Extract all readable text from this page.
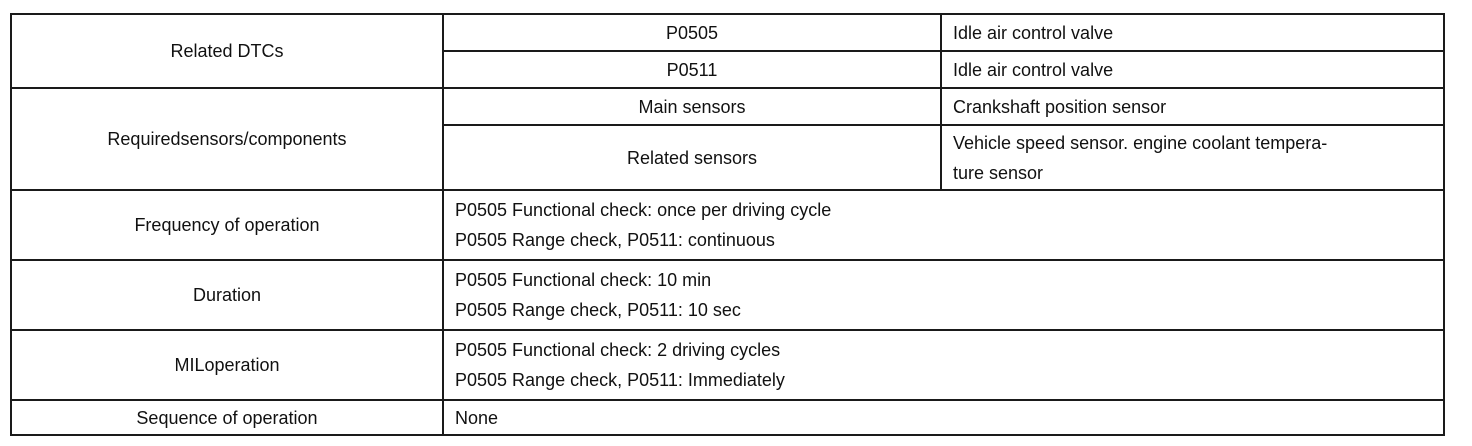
Related DTCs	P0505	Idle air control valve
	P0511	Idle air control valve
Requiredsensors/components	Main sensors	Crankshaft position sensor
	Related sensors	Vehicle speed sensor. engine coolant tempera-
ture sensor

Frequency of operation	P0505 Functional check: once per driving cycle
P0505 Range check, P0511: continuous	

Duration	P0505 Functional check: 10 min
P0505 Range check, P0511: 10 sec	

MILoperation	P0505 Functional check: 2 driving cycles
P0505 Range check, P0511: Immediately	

Sequence of operation	None	
